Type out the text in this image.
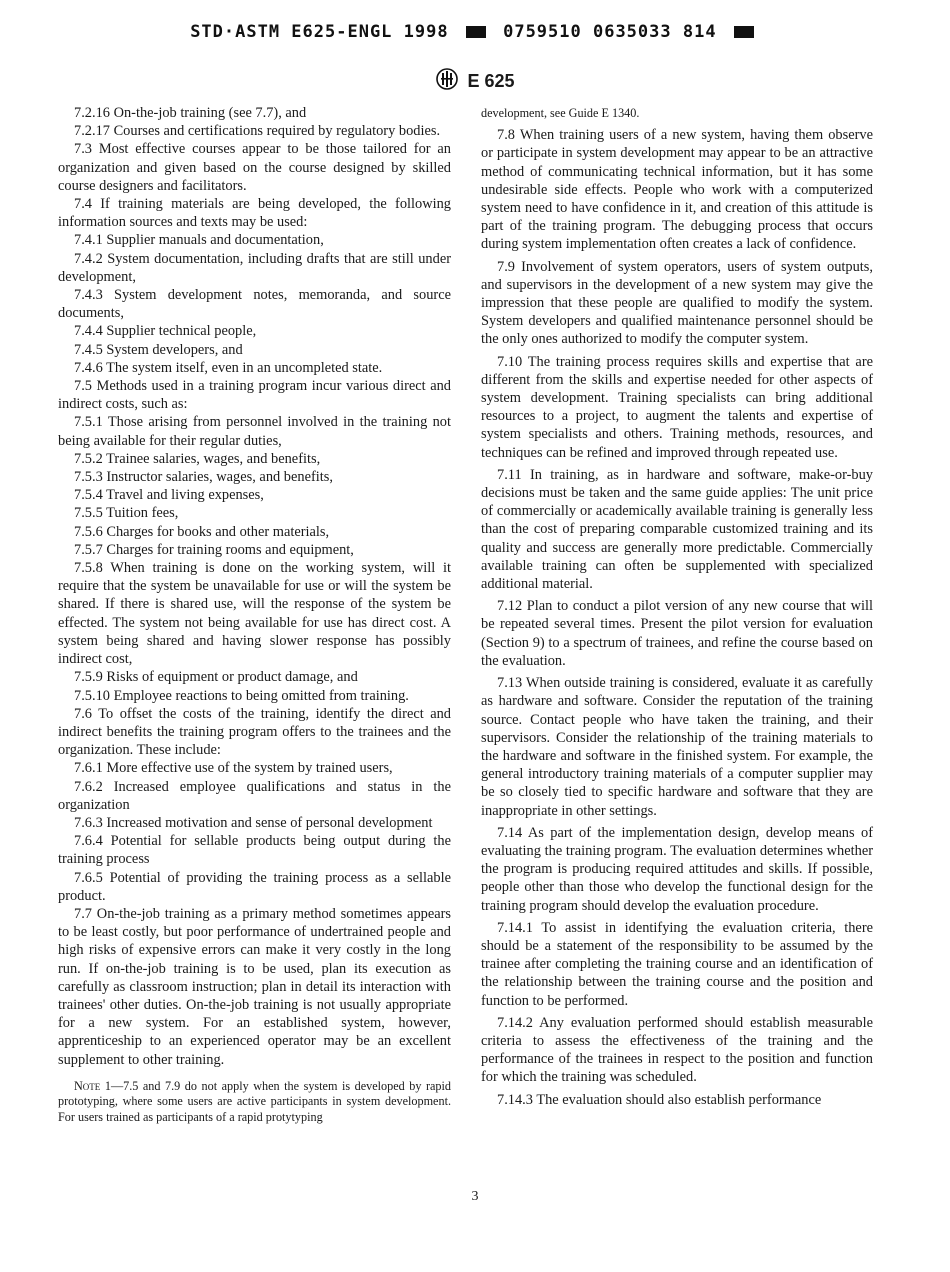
STD·ASTM E625-ENGL 1998	0759510 0635033 814
E 625

7.2.16 On-the-job training (see 7.7), and

7.2.17 Courses and certifications required by regulatory bodies.

7.3 Most effective courses appear to be those tailored for an organization and given based on the course designed by skilled course designers and facilitators.

7.4 If training materials are being developed, the following information sources and texts may be used:

7.4.1 Supplier manuals and documentation,

7.4.2 System documentation, including drafts that are still under development,

7.4.3 System development notes, memoranda, and source documents,

7.4.4 Supplier technical people,

7.4.5 System developers, and

7.4.6 The system itself, even in an uncompleted state.

7.5 Methods used in a training program incur various direct and indirect costs, such as:

7.5.1 Those arising from personnel involved in the training not being available for their regular duties,

7.5.2 Trainee salaries, wages, and benefits,

7.5.3 Instructor salaries, wages, and benefits,

7.5.4 Travel and living expenses,

7.5.5 Tuition fees,

7.5.6 Charges for books and other materials,

7.5.7 Charges for training rooms and equipment,

7.5.8 When training is done on the working system, will it require that the system be unavailable for use or will the system be shared. If there is shared use, will the response of the system be effected. The system not being available for use has direct cost. A system being shared and having slower response has possibly indirect cost,

7.5.9 Risks of equipment or product damage, and

7.5.10 Employee reactions to being omitted from training.

7.6 To offset the costs of the training, identify the direct and indirect benefits the training program offers to the trainees and the organization. These include:

7.6.1 More effective use of the system by trained users,

7.6.2 Increased employee qualifications and status in the organization

7.6.3 Increased motivation and sense of personal development

7.6.4 Potential for sellable products being output during the training process

7.6.5 Potential of providing the training process as a sellable product.

7.7 On-the-job training as a primary method sometimes appears to be least costly, but poor performance of undertrained people and high risks of expensive errors can make it very costly in the long run. If on-the-job training is to be used, plan its execution as carefully as classroom instruction; plan in detail its interaction with trainees' other duties. On-the-job training is not usually appropriate for a new system. For an established system, however, apprenticeship to an experienced operator may be an excellent supplement to other training.

Note 1—7.5 and 7.9 do not apply when the system is developed by rapid prototyping, where some users are active participants in system development. For users trained as participants of a rapid protytyping

development, see Guide E 1340.

7.8 When training users of a new system, having them observe or participate in system development may appear to be an attractive method of communicating technical information, but it has some undesirable side effects. People who work with a computerized system need to have confidence in it, and creation of this attitude is part of the training program. The debugging process that occurs during system implementation often creates a lack of confidence.

7.9 Involvement of system operators, users of system outputs, and supervisors in the development of a new system may give the impression that these people are qualified to modify the system. System developers and qualified maintenance personnel should be the only ones authorized to modify the computer system.

7.10 The training process requires skills and expertise that are different from the skills and expertise needed for other aspects of system development. Training specialists can bring additional resources to a project, to augment the talents and expertise of system specialists and others. Training methods, resources, and techniques can be refined and improved through repeated use.

7.11 In training, as in hardware and software, make-or-buy decisions must be taken and the same guide applies: The unit price of commercially or academically available training is generally less than the cost of preparing comparable customized training and its quality and success are generally more predictable. Commercially available training can often be supplemented with specialized additional material.

7.12 Plan to conduct a pilot version of any new course that will be repeated several times. Present the pilot version for evaluation (Section 9) to a spectrum of trainees, and refine the course based on the evaluation.

7.13 When outside training is considered, evaluate it as carefully as hardware and software. Consider the reputation of the training source. Contact people who have taken the training, and their supervisors. Consider the relationship of the training materials to the hardware and software in the finished system. For example, the general introductory training materials of a computer supplier may be so closely tied to specific hardware and software that they are inappropriate in other settings.

7.14 As part of the implementation design, develop means of evaluating the training program. The evaluation determines whether the program is producing required attitudes and skills. If possible, people other than those who develop the functional design for the training program should develop the evaluation procedure.

7.14.1 To assist in identifying the evaluation criteria, there should be a statement of the responsibility to be assumed by the trainee after completing the training course and an identification of the relationship between the training course and the position and function to be performed.

7.14.2 Any evaluation performed should establish measurable criteria to assess the effectiveness of the training and the performance of the trainees in respect to the position and function for which the training was scheduled.

7.14.3 The evaluation should also establish performance

3
